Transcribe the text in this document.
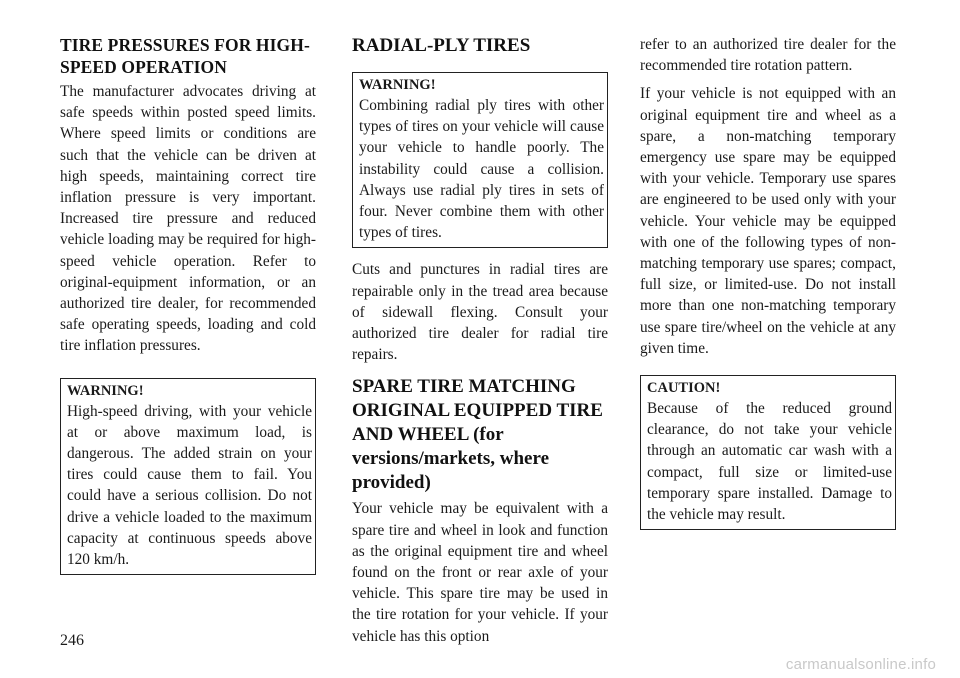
TIRE PRESSURES FOR HIGH-SPEED OPERATION

The manufacturer advocates driving at safe speeds within posted speed limits. Where speed limits or conditions are such that the vehicle can be driven at high speeds, maintaining correct tire inflation pressure is very important. Increased tire pressure and reduced vehicle loading may be required for high-speed vehicle operation. Refer to original-equipment information, or an authorized tire dealer, for recommended safe operating speeds, loading and cold tire inflation pressures.

WARNING!

High-speed driving, with your vehicle at or above maximum load, is dangerous. The added strain on your tires could cause them to fail. You could have a serious collision. Do not drive a vehicle loaded to the maximum capacity at continuous speeds above 120 km/h.

RADIAL-PLY TIRES
WARNING!

Combining radial ply tires with other types of tires on your vehicle will cause your vehicle to handle poorly. The instability could cause a collision. Always use radial ply tires in sets of four. Never combine them with other types of tires.

Cuts and punctures in radial tires are repairable only in the tread area because of sidewall flexing. Consult your authorized tire dealer for radial tire repairs.

SPARE TIRE MATCHING ORIGINAL EQUIPPED TIRE AND WHEEL (for versions/markets, where provided)

Your vehicle may be equivalent with a spare tire and wheel in look and function as the original equipment tire and wheel found on the front or rear axle of your vehicle. This spare tire may be used in the tire rotation for your vehicle. If your vehicle has this option

refer to an authorized tire dealer for the recommended tire rotation pattern.

If your vehicle is not equipped with an original equipment tire and wheel as a spare, a non-matching temporary emergency use spare may be equipped with your vehicle. Temporary use spares are engineered to be used only with your vehicle. Your vehicle may be equipped with one of the following types of non-matching temporary use spares; compact, full size, or limited-use. Do not install more than one non-matching temporary use spare tire/wheel on the vehicle at any given time.

CAUTION!

Because of the reduced ground clearance, do not take your vehicle through an automatic car wash with a compact, full size or limited-use temporary spare installed. Damage to the vehicle may result.

246
carmanualsonline.info
